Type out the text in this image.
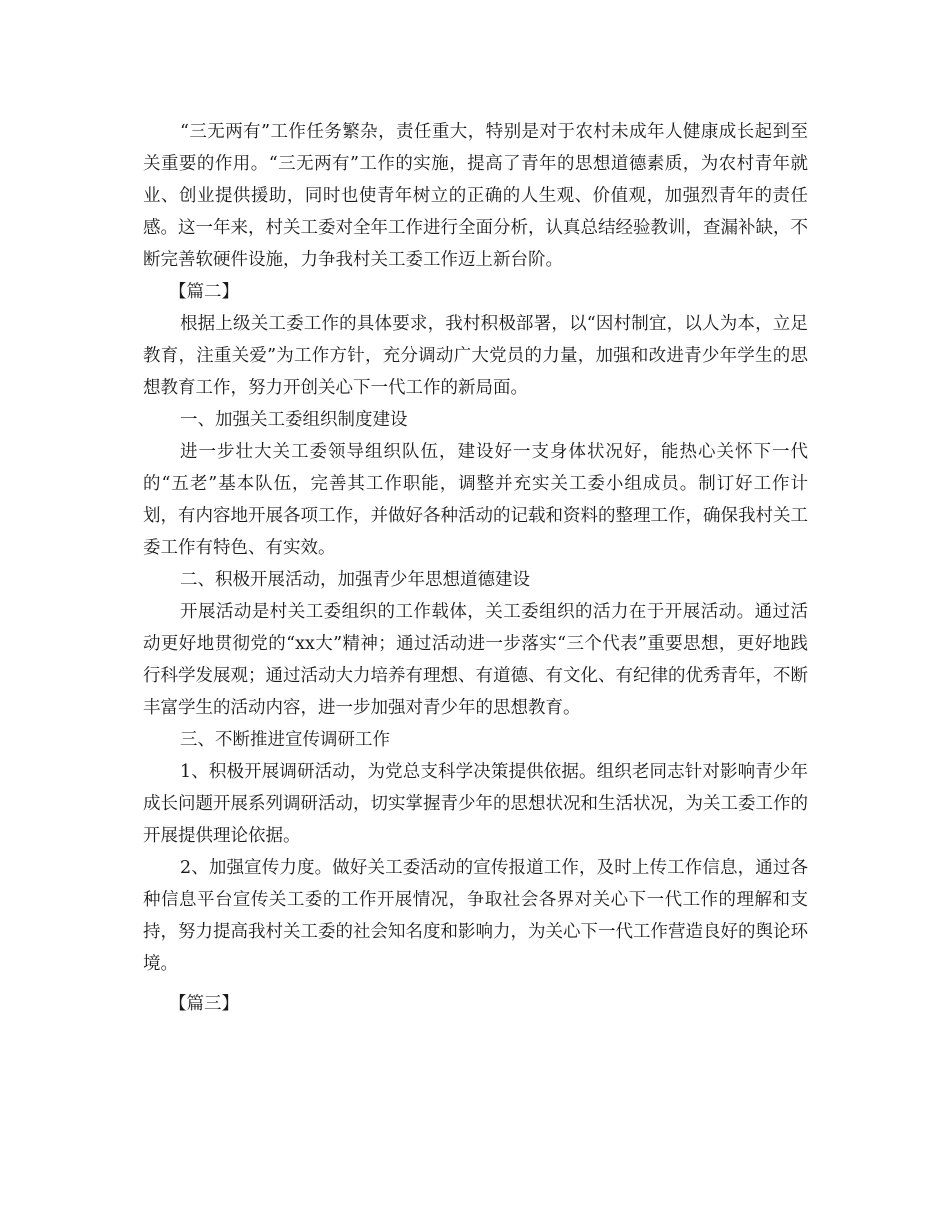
“三无两有”工作任务繁杂，责任重大，特别是对于农村未成年人健康成长起到至关重要的作用。“三无两有”工作的实施，提高了青年的思想道德素质，为农村青年就业、创业提供援助，同时也使青年树立的正确的人生观、价值观，加强烈青年的责任感。这一年来，村关工委对全年工作进行全面分析，认真总结经验教训，查漏补缺，不断完善软硬件设施，力争我村关工委工作迈上新台阶。

【篇二】

根据上级关工委工作的具体要求，我村积极部署，以“因村制宜，以人为本，立足教育，注重关爱”为工作方针，充分调动广大党员的力量，加强和改进青少年学生的思想教育工作，努力开创关心下一代工作的新局面。

一、加强关工委组织制度建设

进一步壮大关工委领导组织队伍，建设好一支身体状况好，能热心关怀下一代的“五老”基本队伍，完善其工作职能，调整并充实关工委小组成员。制订好工作计划，有内容地开展各项工作，并做好各种活动的记载和资料的整理工作，确保我村关工委工作有特色、有实效。

二、积极开展活动，加强青少年思想道德建设

开展活动是村关工委组织的工作载体，关工委组织的活力在于开展活动。通过活动更好地贯彻党的“xx大”精神；通过活动进一步落实“三个代表”重要思想，更好地践行科学发展观；通过活动大力培养有理想、有道德、有文化、有纪律的优秀青年，不断丰富学生的活动内容，进一步加强对青少年的思想教育。

三、不断推进宣传调研工作

1、积极开展调研活动，为党总支科学决策提供依据。组织老同志针对影响青少年成长问题开展系列调研活动，切实掌握青少年的思想状况和生活状况，为关工委工作的开展提供理论依据。

2、加强宣传力度。做好关工委活动的宣传报道工作，及时上传工作信息，通过各种信息平台宣传关工委的工作开展情况，争取社会各界对关心下一代工作的理解和支持，努力提高我村关工委的社会知名度和影响力，为关心下一代工作营造良好的舆论环境。

【篇三】
